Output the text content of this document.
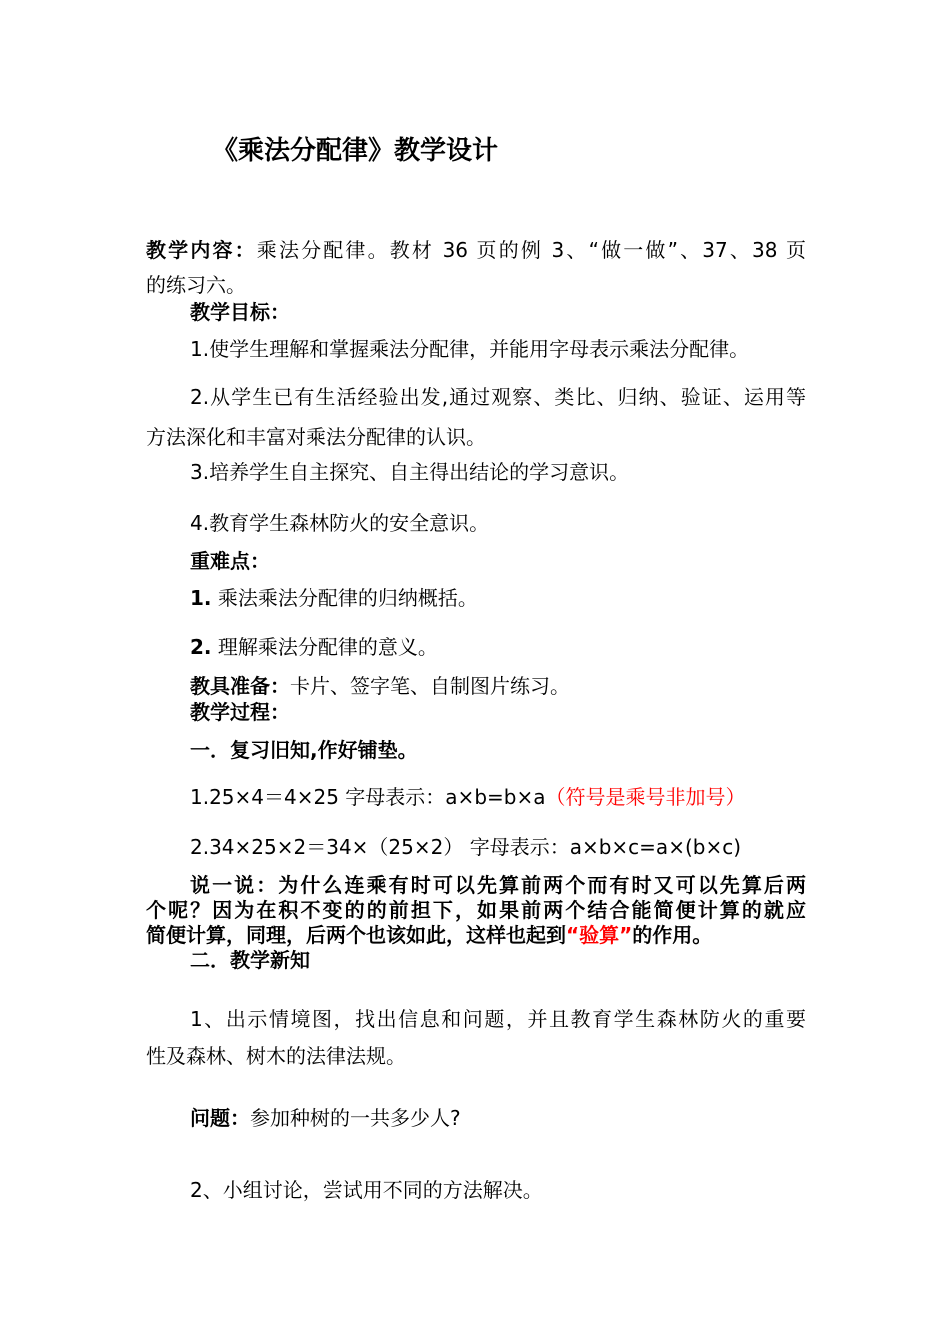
《乘法分配律》教学设计
教学内容：乘法分配律。教材 36 页的例 3、“做一做”、37、38 页
的练习六。
教学目标：
1.使学生理解和掌握乘法分配律，并能用字母表示乘法分配律。
2.从学生已有生活经验出发,通过观察、类比、归纳、验证、运用等
方法深化和丰富对乘法分配律的认识。
3.培养学生自主探究、自主得出结论的学习意识。
4.教育学生森林防火的安全意识。
重难点：
1. 乘法乘法分配律的归纳概括。
2. 理解乘法分配律的意义。
教具准备：卡片、签字笔、自制图片练习。
教学过程：
一．复习旧知,作好铺垫。
1.25×4＝4×25 字母表示：a×b=b×a（符号是乘号非加号）
2.34×25×2＝34×（25×2） 字母表示：a×b×c=a×(b×c)
说一说：为什么连乘有时可以先算前两个而有时又可以先算后两
个呢？因为在积不变的的前担下，如果前两个结合能简便计算的就应
简便计算，同理，后两个也该如此，这样也起到“验算”的作用。
二．教学新知
1、出示情境图，找出信息和问题，并且教育学生森林防火的重要
性及森林、树木的法律法规。
问题：参加种树的一共多少人?
2、小组讨论，尝试用不同的方法解决。
